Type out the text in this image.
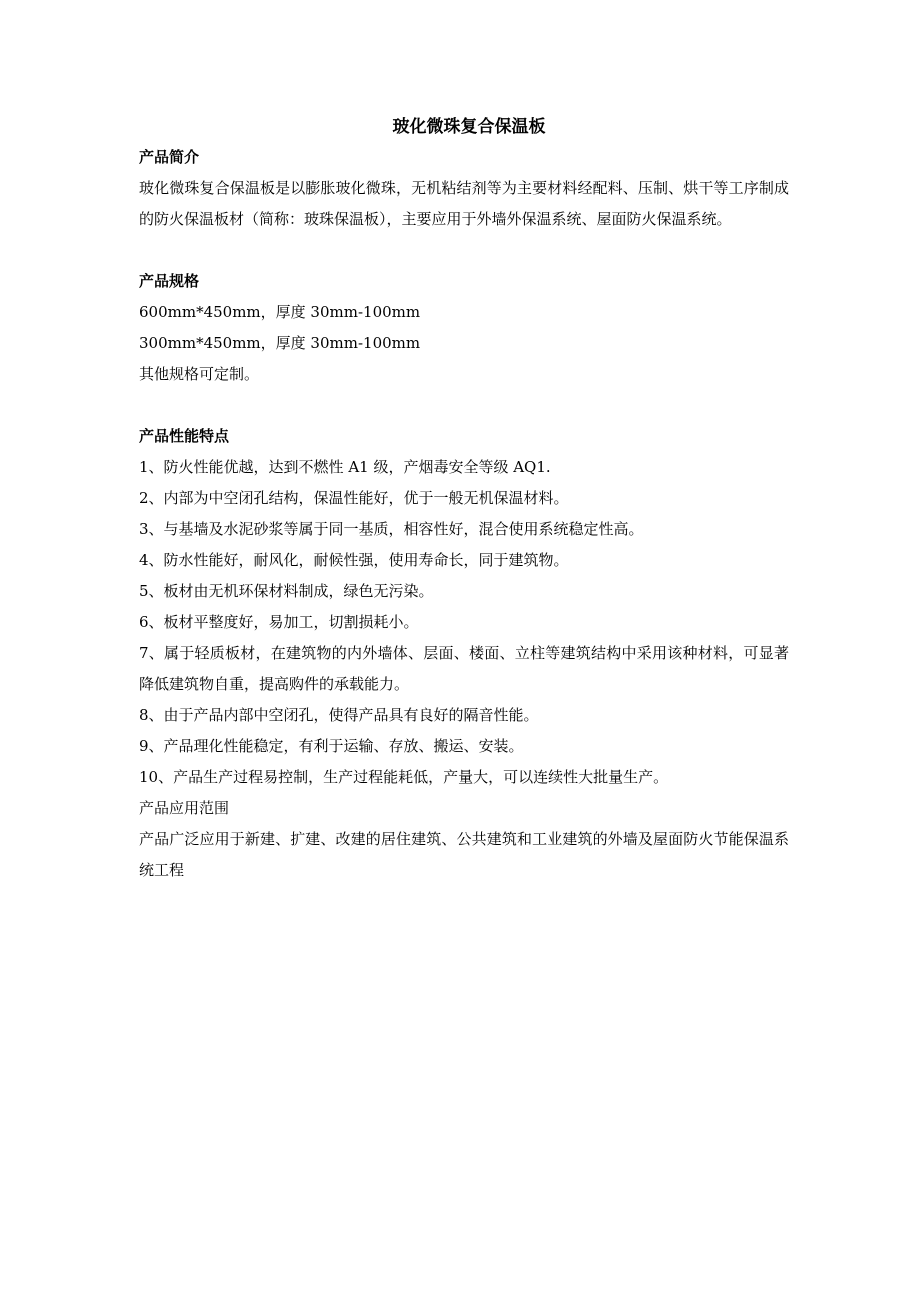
玻化微珠复合保温板
产品简介

玻化微珠复合保温板是以膨胀玻化微珠，无机粘结剂等为主要材料经配料、压制、烘干等工序制成的防火保温板材（简称：玻珠保温板），主要应用于外墙外保温系统、屋面防火保温系统。

产品规格
600mm*450mm，厚度 30mm-100mm
300mm*450mm，厚度 30mm-100mm
其他规格可定制。
产品性能特点
1、防火性能优越，达到不燃性 A1 级，产烟毒安全等级 AQ1.
2、内部为中空闭孔结构，保温性能好，优于一般无机保温材料。
3、与基墙及水泥砂浆等属于同一基质，相容性好，混合使用系统稳定性高。
4、防水性能好，耐风化，耐候性强，使用寿命长，同于建筑物。
5、板材由无机环保材料制成，绿色无污染。
6、板材平整度好，易加工，切割损耗小。
7、属于轻质板材，在建筑物的内外墙体、层面、楼面、立柱等建筑结构中采用该种材料，可显著降低建筑物自重，提高购件的承载能力。
8、由于产品内部中空闭孔，使得产品具有良好的隔音性能。
9、产品理化性能稳定，有利于运输、存放、搬运、安装。
10、产品生产过程易控制，生产过程能耗低，产量大，可以连续性大批量生产。
产品应用范围

产品广泛应用于新建、扩建、改建的居住建筑、公共建筑和工业建筑的外墙及屋面防火节能保温系统工程
